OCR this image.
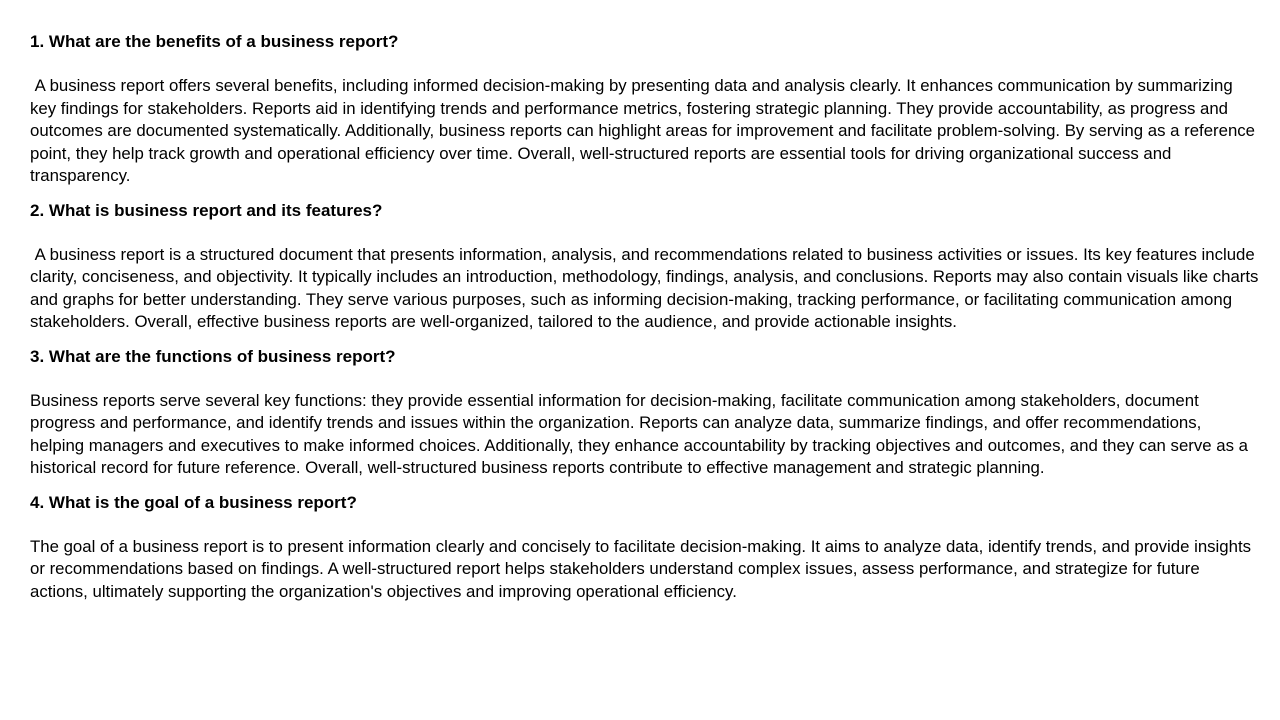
1. What are the benefits of a business report?

A business report offers several benefits, including informed decision-making by presenting data and analysis clearly. It enhances communication by summarizing key findings for stakeholders. Reports aid in identifying trends and performance metrics, fostering strategic planning. They provide accountability, as progress and outcomes are documented systematically. Additionally, business reports can highlight areas for improvement and facilitate problem-solving. By serving as a reference point, they help track growth and operational efficiency over time. Overall, well-structured reports are essential tools for driving organizational success and transparency.

2. What is business report and its features?

A business report is a structured document that presents information, analysis, and recommendations related to business activities or issues. Its key features include clarity, conciseness, and objectivity. It typically includes an introduction, methodology, findings, analysis, and conclusions. Reports may also contain visuals like charts and graphs for better understanding. They serve various purposes, such as informing decision-making, tracking performance, or facilitating communication among stakeholders. Overall, effective business reports are well-organized, tailored to the audience, and provide actionable insights.

3. What are the functions of business report?

Business reports serve several key functions: they provide essential information for decision-making, facilitate communication among stakeholders, document progress and performance, and identify trends and issues within the organization. Reports can analyze data, summarize findings, and offer recommendations, helping managers and executives to make informed choices. Additionally, they enhance accountability by tracking objectives and outcomes, and they can serve as a historical record for future reference. Overall, well-structured business reports contribute to effective management and strategic planning.

4. What is the goal of a business report?

The goal of a business report is to present information clearly and concisely to facilitate decision-making. It aims to analyze data, identify trends, and provide insights or recommendations based on findings. A well-structured report helps stakeholders understand complex issues, assess performance, and strategize for future actions, ultimately supporting the organization's objectives and improving operational efficiency.
